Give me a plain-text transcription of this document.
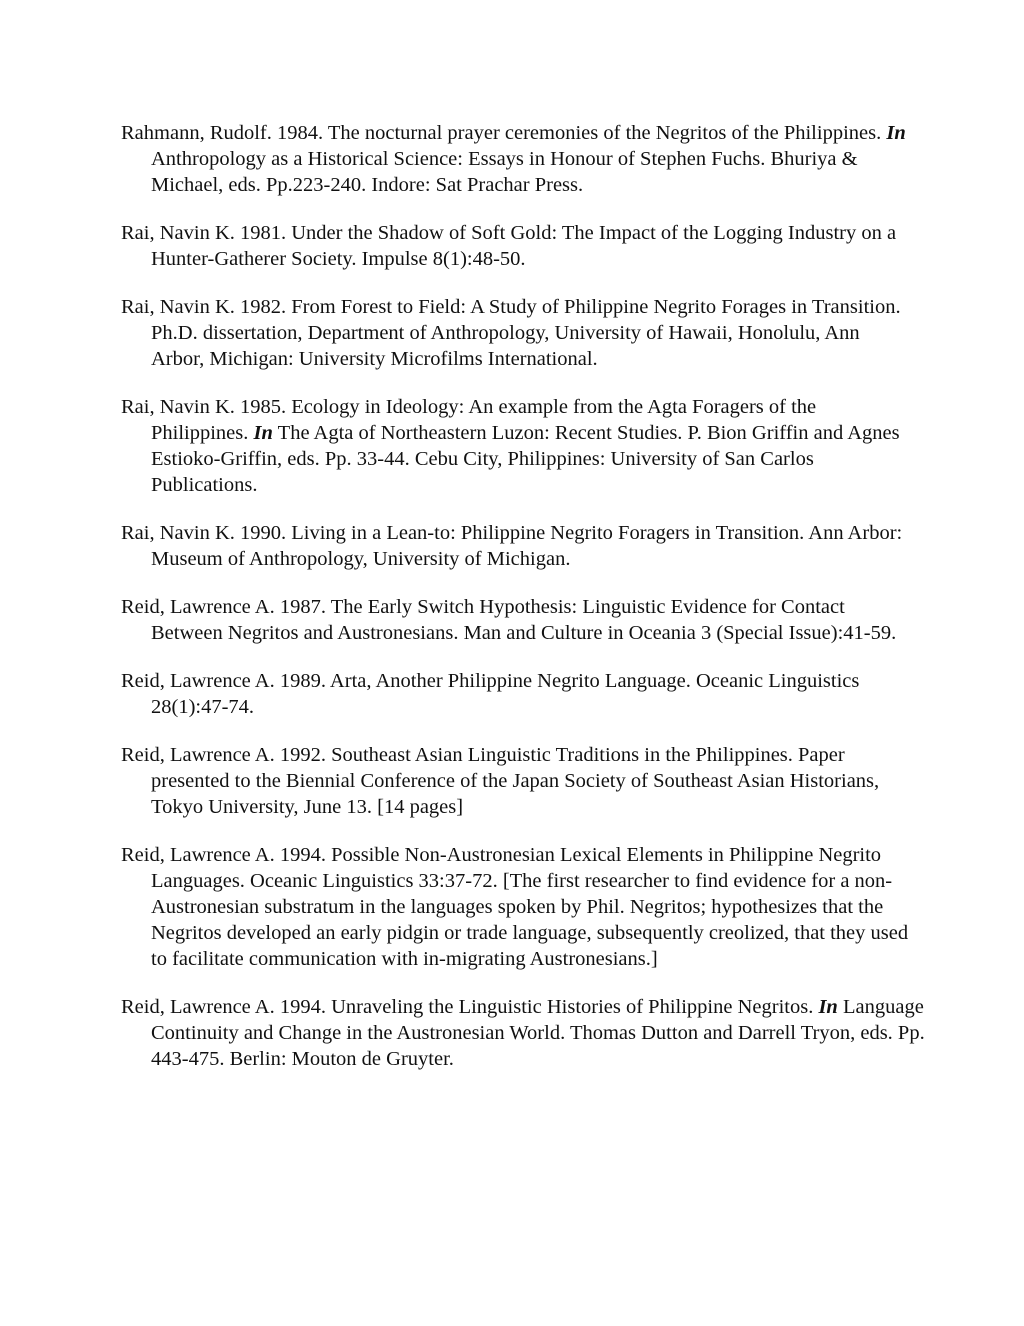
Rahmann, Rudolf. 1984. The nocturnal prayer ceremonies of the Negritos of the Philippines. In Anthropology as a Historical Science: Essays in Honour of Stephen Fuchs. Bhuriya & Michael, eds. Pp.223-240. Indore: Sat Prachar Press.

Rai, Navin K. 1981. Under the Shadow of Soft Gold: The Impact of the Logging Industry on a Hunter-Gatherer Society. Impulse 8(1):48-50.

Rai, Navin K. 1982. From Forest to Field: A Study of Philippine Negrito Forages in Transition. Ph.D. dissertation, Department of Anthropology, University of Hawaii, Honolulu, Ann Arbor, Michigan: University Microfilms International.

Rai, Navin K. 1985. Ecology in Ideology: An example from the Agta Foragers of the Philippines. In The Agta of Northeastern Luzon: Recent Studies. P. Bion Griffin and Agnes Estioko-Griffin, eds. Pp. 33-44. Cebu City, Philippines: University of San Carlos Publications.

Rai, Navin K. 1990. Living in a Lean-to: Philippine Negrito Foragers in Transition. Ann Arbor: Museum of Anthropology, University of Michigan.

Reid, Lawrence A. 1987. The Early Switch Hypothesis: Linguistic Evidence for Contact Between Negritos and Austronesians. Man and Culture in Oceania 3 (Special Issue):41-59.

Reid, Lawrence A. 1989. Arta, Another Philippine Negrito Language. Oceanic Linguistics 28(1):47-74.

Reid, Lawrence A. 1992. Southeast Asian Linguistic Traditions in the Philippines. Paper presented to the Biennial Conference of the Japan Society of Southeast Asian Historians, Tokyo University, June 13. [14 pages]

Reid, Lawrence A. 1994. Possible Non-Austronesian Lexical Elements in Philippine Negrito Languages. Oceanic Linguistics 33:37-72. [The first researcher to find evidence for a non-Austronesian substratum in the languages spoken by Phil. Negritos; hypothesizes that the Negritos developed an early pidgin or trade language, subsequently creolized, that they used to facilitate communication with in-migrating Austronesians.]

Reid, Lawrence A. 1994. Unraveling the Linguistic Histories of Philippine Negritos. In Language Continuity and Change in the Austronesian World. Thomas Dutton and Darrell Tryon, eds. Pp. 443-475. Berlin: Mouton de Gruyter.
